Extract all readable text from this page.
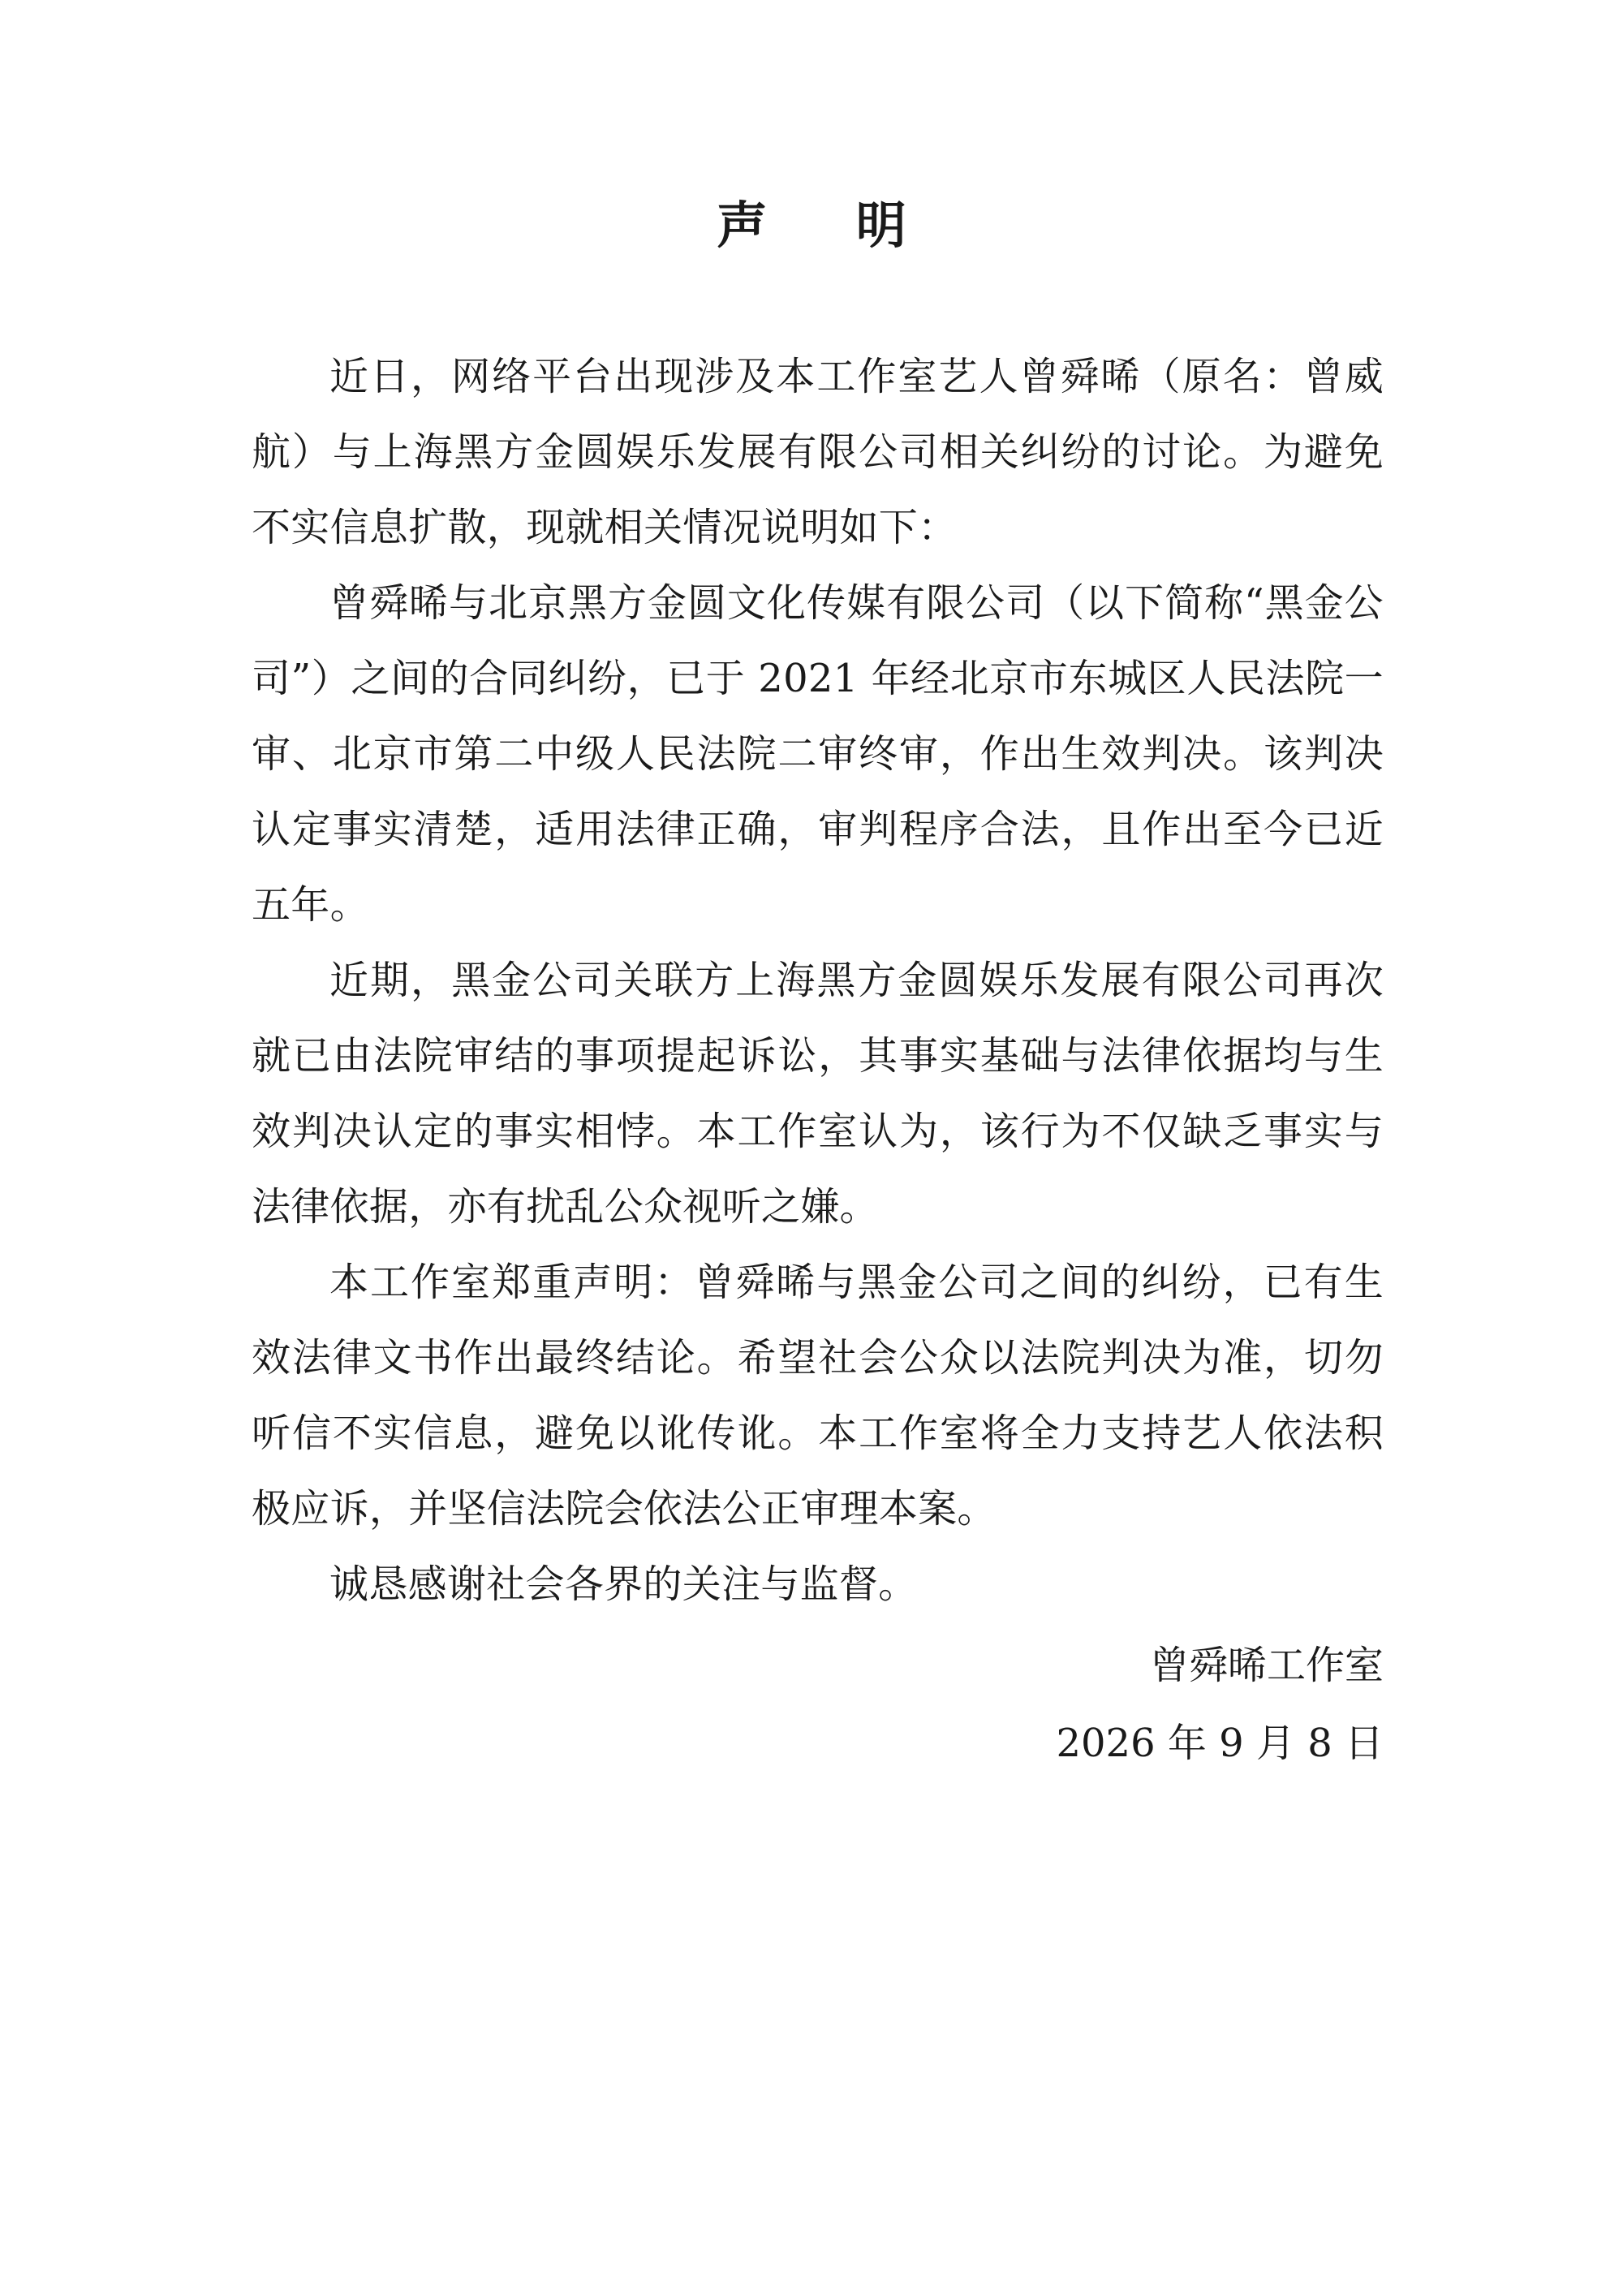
声 明

近日，网络平台出现涉及本工作室艺人曾舜晞（原名：曾威航）与上海黑方金圆娱乐发展有限公司相关纠纷的讨论。为避免不实信息扩散，现就相关情况说明如下：

曾舜晞与北京黑方金圆文化传媒有限公司（以下简称“黑金公司”）之间的合同纠纷，已于 2021 年经北京市东城区人民法院一审、北京市第二中级人民法院二审终审，作出生效判决。该判决认定事实清楚，适用法律正确，审判程序合法，且作出至今已近五年。

近期，黑金公司关联方上海黑方金圆娱乐发展有限公司再次就已由法院审结的事项提起诉讼，其事实基础与法律依据均与生效判决认定的事实相悖。本工作室认为，该行为不仅缺乏事实与法律依据，亦有扰乱公众视听之嫌。

本工作室郑重声明：曾舜晞与黑金公司之间的纠纷，已有生效法律文书作出最终结论。希望社会公众以法院判决为准，切勿听信不实信息，避免以讹传讹。本工作室将全力支持艺人依法积极应诉，并坚信法院会依法公正审理本案。

诚恳感谢社会各界的关注与监督。

曾舜晞工作室
2026 年 9 月 8 日
